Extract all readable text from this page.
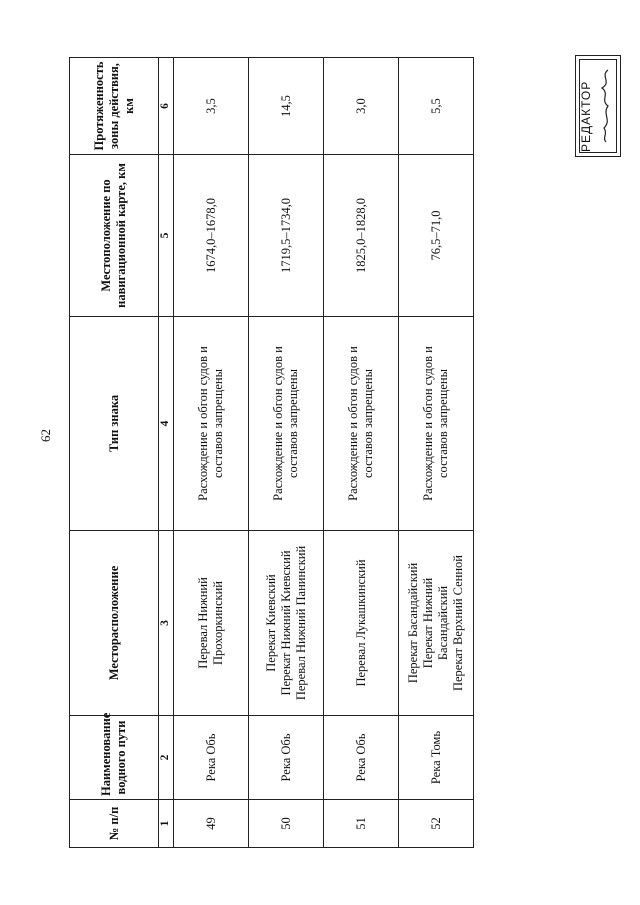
62
№ п/п	Наименование водного пути	Месторасположение	Тип знака	Местоположение по навигационной карте, км	Протяженность зоны действия, км
1	2	3	4	5	6
49	Река Обь	Перевал Нижний
Прохоркинский	Расхождение и обгон судов и
составов запрещены	1674,0–1678,0	3,5
50	Река Обь	Перекат Киевский
Перекат Нижний Киевский
Перевал Нижний Панинский	Расхождение и обгон судов и
составов запрещены	1719,5–1734,0	14,5
51	Река Обь	Перевал Лукашкинский	Расхождение и обгон судов и
составов запрещены	1825,0–1828,0	3,0
52	Река Томь	Перекат Басандайский
Перекат Нижний
Басандайский
Перекат Верхний Сенной	Расхождение и обгон судов и
составов запрещены	76,5–71,0	5,5	РЕДАКТОР
